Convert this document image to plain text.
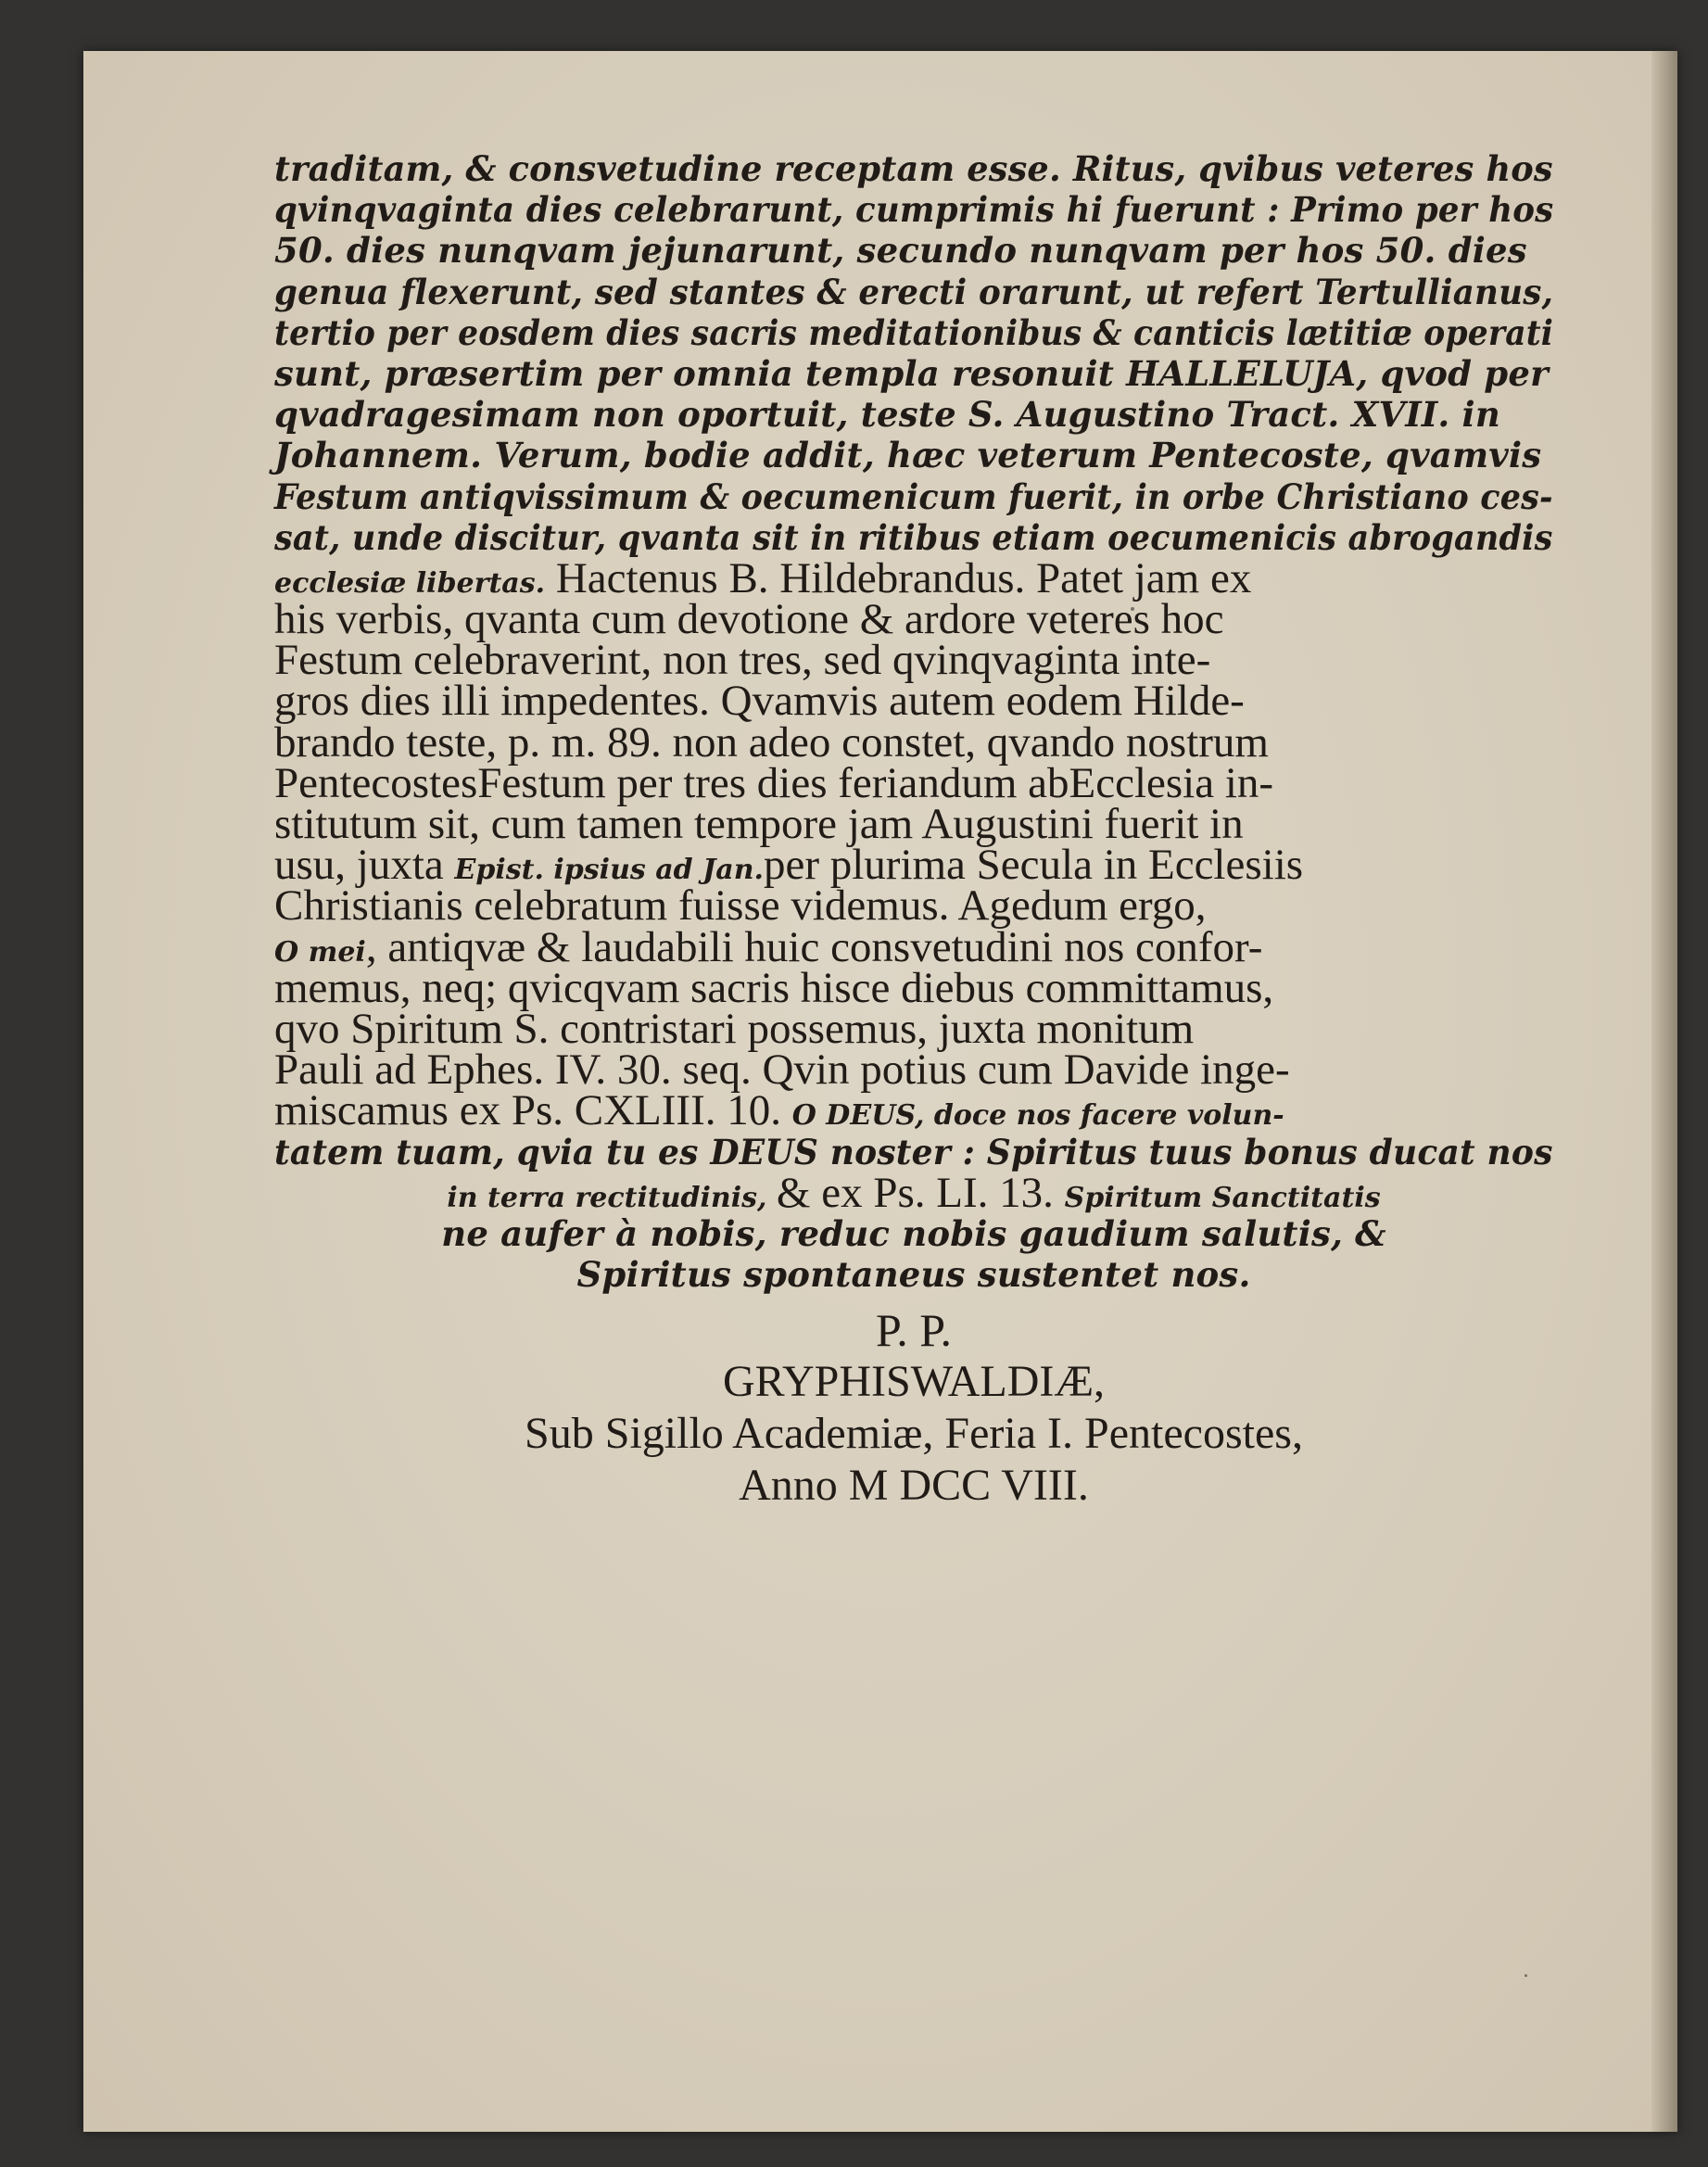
traditam, & consvetudine receptam esse. Ritus, qvibus veteres hos
qvinqvaginta dies celebrarunt, cumprimis hi fuerunt : Primo per hos
50. dies nunqvam jejunarunt, secundo nunqvam per hos 50. dies
genua flexerunt, sed stantes & erecti orarunt, ut refert Tertullianus,
tertio per eosdem dies sacris meditationibus & canticis lætitiæ operati
sunt, præsertim per omnia templa resonuit HALLELUJA, qvod per
qvadragesimam non oportuit, teste S. Augustino Tract. XVII. in
Johannem. Verum, bodie addit, hæc veterum Pentecoste, qvamvis
Festum antiqvissimum & oecumenicum fuerit, in orbe Christiano ces-
sat, unde discitur, qvanta sit in ritibus etiam oecumenicis abrogandis
ecclesiæ libertas. Hactenus B. Hildebrandus. Patet jam ex
his verbis, qvanta cum devotione & ardore veteres hoc
Festum celebraverint, non tres, sed qvinqvaginta inte-
gros dies illi impedentes. Qvamvis autem eodem Hilde-
brando teste, p. m. 89. non adeo constet, qvando nostrum
PentecostesFestum per tres dies feriandum abEcclesia in-
stitutum sit, cum tamen tempore jam Augustini fuerit in
usu, juxta Epist. ipsius ad Jan.per plurima Secula in Ecclesiis
Christianis celebratum fuisse videmus. Agedum ergo,
O mei, antiqvæ & laudabili huic consvetudini nos confor-
memus, neq; qvicqvam sacris hisce diebus committamus,
qvo Spiritum S. contristari possemus, juxta monitum
Pauli ad Ephes. IV. 30. seq. Qvin potius cum Davide inge-
miscamus ex Ps. CXLIII. 10. O DEUS, doce nos facere volun-
tatem tuam, qvia tu es DEUS noster : Spiritus tuus bonus ducat nos
in terra rectitudinis, & ex Ps. LI. 13. Spiritum Sanctitatis
ne aufer à nobis, reduc nobis gaudium salutis, &
Spiritus spontaneus sustentet nos.
P. P.
GRYPHISWALDIÆ,
Sub Sigillo Academiæ, Feria I. Pentecostes,
Anno M DCC VIII.
